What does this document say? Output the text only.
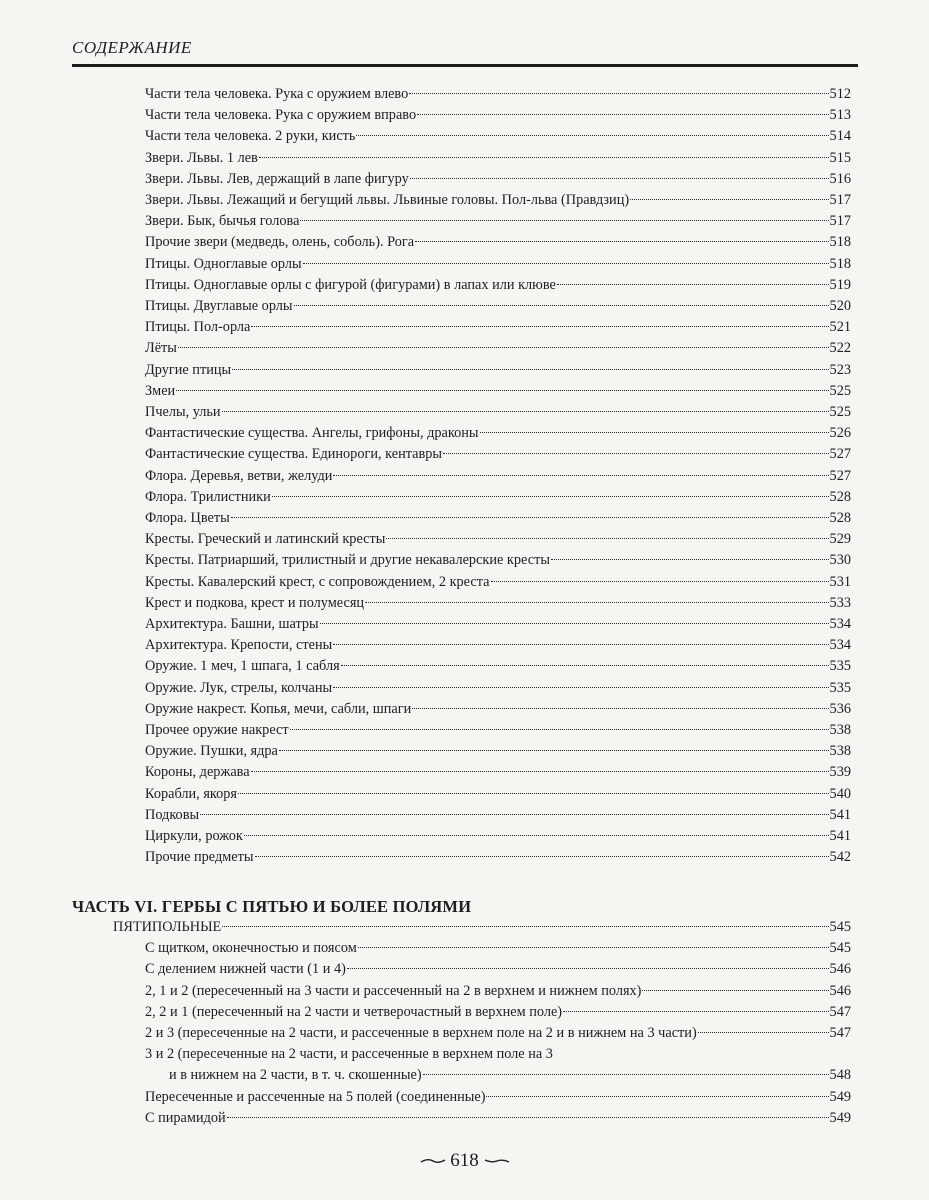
СОДЕРЖАНИЕ
Части тела человека. Рука с оружием влево	512
Части тела человека. Рука с оружием вправо	513
Части тела человека. 2 руки, кисть	514
Звери. Львы. 1 лев	515
Звери. Львы. Лев, держащий в лапе фигуру	516
Звери. Львы. Лежащий и бегущий львы. Львиные головы. Пол-льва (Правдзиц)	517
Звери. Бык, бычья голова	517
Прочие звери (медведь, олень, соболь). Рога	518
Птицы. Одноглавые орлы	518
Птицы. Одноглавые орлы с фигурой (фигурами) в лапах или клюве	519
Птицы. Двуглавые орлы	520
Птицы. Пол-орла	521
Лёты	522
Другие птицы	523
Змеи	525
Пчелы, ульи	525
Фантастические существа. Ангелы, грифоны, драконы	526
Фантастические существа. Единороги, кентавры	527
Флора. Деревья, ветви, желуди	527
Флора. Трилистники	528
Флора. Цветы	528
Кресты. Греческий и латинский кресты	529
Кресты. Патриарший, трилистный и другие некавалерские кресты	530
Кресты. Кавалерский крест, с сопровождением, 2 креста	531
Крест и подкова, крест и полумесяц	533
Архитектура. Башни, шатры	534
Архитектура. Крепости, стены	534
Оружие. 1 меч, 1 шпага, 1 сабля	535
Оружие. Лук, стрелы, колчаны	535
Оружие накрест. Копья, мечи, сабли, шпаги	536
Прочее оружие накрест	538
Оружие. Пушки, ядра	538
Короны, держава	539
Корабли, якоря	540
Подковы	541
Циркули, рожок	541
Прочие предметы	542
ПЯТИПОЛЬНЫЕ	545
С щитком, оконечностью и поясом	545
С делением нижней части (1 и 4)	546
2, 1 и 2 (пересеченный на 3 части и рассеченный на 2 в верхнем и нижнем полях)	546
2, 2 и 1 (пересеченный на 2 части и четверочастный в верхнем поле)	547
2 и 3 (пересеченные на 2 части, и рассеченные в верхнем поле на 2 и в нижнем на 3 части)	547
3 и 2 (пересеченные на 2 части, и рассеченные в верхнем поле на 3
и в нижнем на 2 части, в т. ч. скошенные)	548
Пересеченные и рассеченные на 5 полей (соединенные)	549
С пирамидой	549
ЧАСТЬ VI. ГЕРБЫ С ПЯТЬЮ И БОЛЕЕ ПОЛЯМИ
618
